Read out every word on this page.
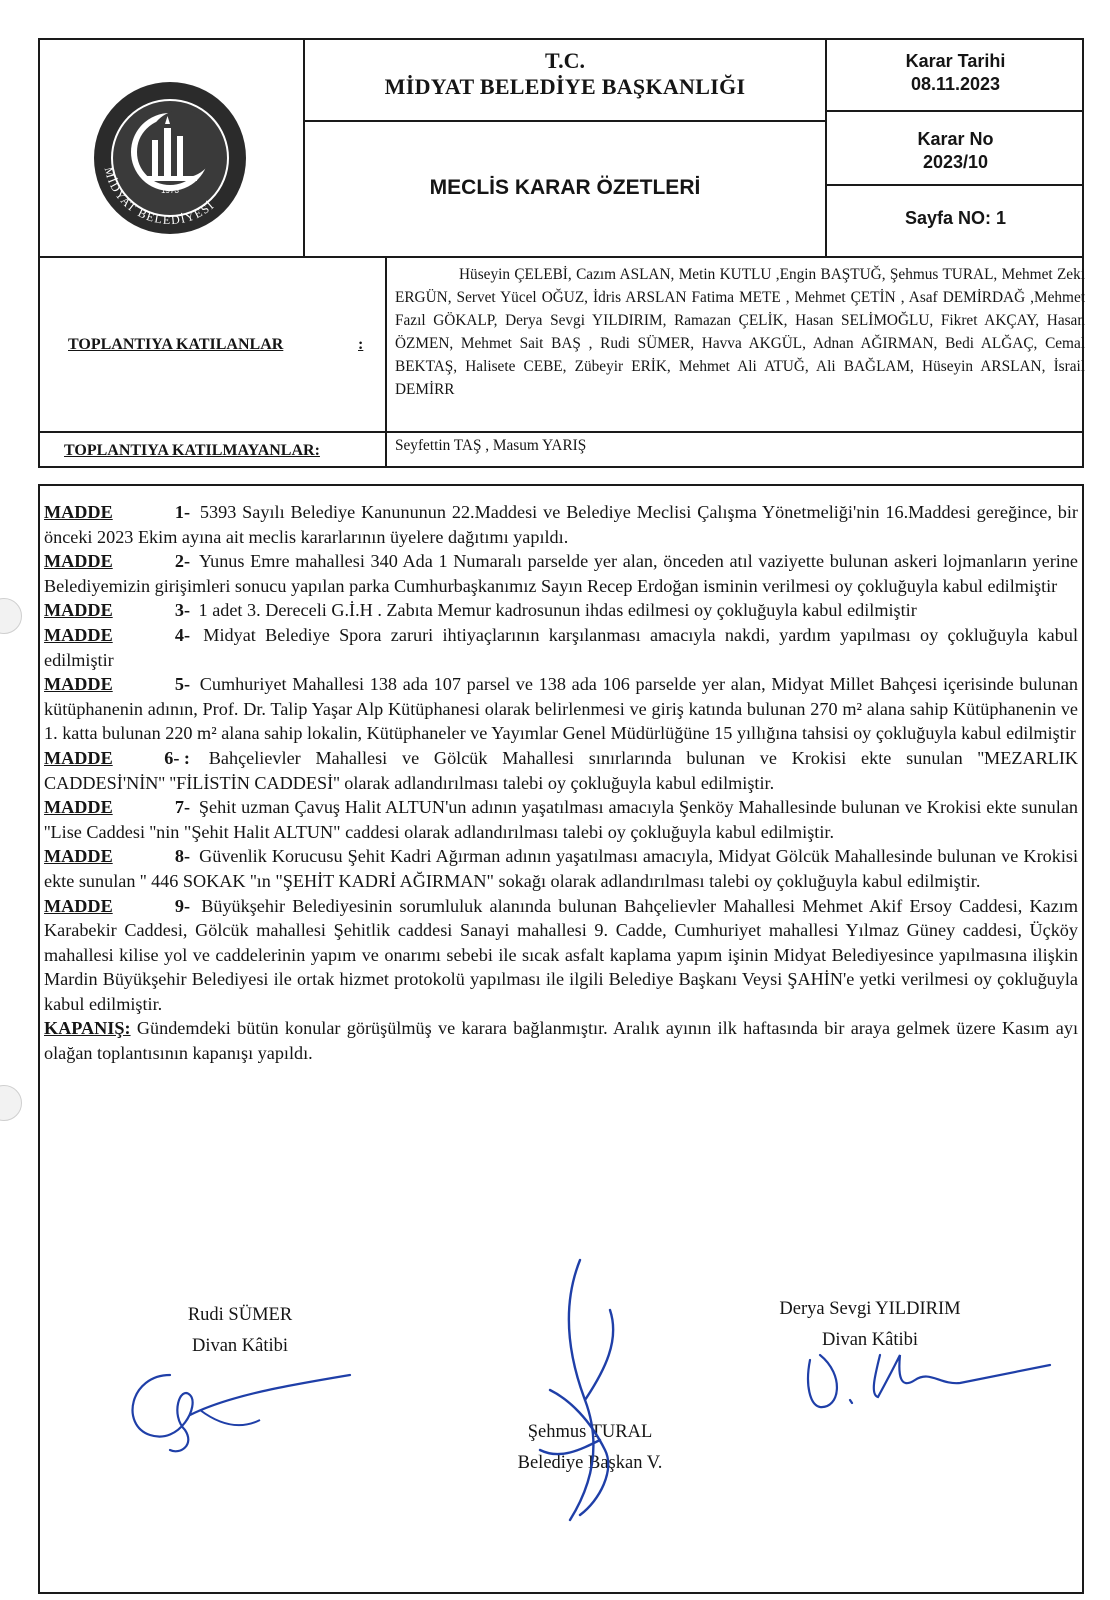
MİDYAT BELEDİYESİ
1973
T.C.
MİDYAT BELEDİYE BAŞKANLIĞI
MECLİS KARAR ÖZETLERİ
Karar Tarihi
08.11.2023
Karar No
2023/10
Sayfa NO: 1
TOPLANTIYA KATILANLAR	:
Hüseyin ÇELEBİ, Cazım ASLAN, Metin KUTLU ,Engin BAŞTUĞ, Şehmus TURAL, Mehmet Zeki ERGÜN, Servet Yücel OĞUZ, İdris ARSLAN Fatima METE , Mehmet ÇETİN , Asaf DEMİRDAĞ ,Mehmet Fazıl GÖKALP, Derya Sevgi YILDIRIM, Ramazan ÇELİK, Hasan SELİMOĞLU, Fikret AKÇAY, Hasan ÖZMEN, Mehmet Sait BAŞ , Rudi SÜMER, Havva AKGÜL, Adnan AĞIRMAN, Bedi ALĞAÇ, Cemal BEKTAŞ, Halisete CEBE, Zübeyir ERİK, Mehmet Ali ATUĞ, Ali BAĞLAM, Hüseyin ARSLAN, İsrail DEMİRR
TOPLANTIYA KATILMAYANLAR:	Seyfettin TAŞ , Masum YARIŞ

MADDE	1- 5393 Sayılı Belediye Kanununun 22.Maddesi ve Belediye Meclisi Çalışma Yönetmeliği'nin 16.Maddesi gereğince, bir önceki 2023 Ekim ayına ait meclis kararlarının üyelere dağıtımı yapıldı.

MADDE	2- Yunus Emre mahallesi 340 Ada 1 Numaralı parselde yer alan, önceden atıl vaziyette bulunan askeri lojmanların yerine Belediyemizin girişimleri sonucu yapılan parka Cumhurbaşkanımız Sayın Recep Erdoğan isminin verilmesi oy çokluğuyla kabul edilmiştir

MADDE	3- 1 adet 3. Dereceli G.İ.H . Zabıta Memur kadrosunun ihdas edilmesi oy çokluğuyla kabul edilmiştir

MADDE	4- Midyat Belediye Spora zaruri ihtiyaçlarının karşılanması amacıyla nakdi, yardım yapılması oy çokluğuyla kabul edilmiştir

MADDE	5- Cumhuriyet Mahallesi 138 ada 107 parsel ve 138 ada 106 parselde yer alan, Midyat Millet Bahçesi içerisinde bulunan kütüphanenin adının, Prof. Dr. Talip Yaşar Alp Kütüphanesi olarak belirlenmesi ve giriş katında bulunan 270 m² alana sahip Kütüphanenin ve 1. katta bulunan 220 m² alana sahip lokalin, Kütüphaneler ve Yayımlar Genel Müdürlüğüne 15 yıllığına tahsisi oy çokluğuyla kabul edilmiştir

MADDE	6- : Bahçelievler Mahallesi ve Gölcük Mahallesi sınırlarında bulunan ve Krokisi ekte sunulan ''MEZARLIK CADDESİ'NİN'' ''FİLİSTİN CADDESİ'' olarak adlandırılması talebi oy çokluğuyla kabul edilmiştir.

MADDE	7- Şehit uzman Çavuş Halit ALTUN'un adının yaşatılması amacıyla Şenköy Mahallesinde bulunan ve Krokisi ekte sunulan ''Lise Caddesi ''nin "Şehit Halit ALTUN" caddesi olarak adlandırılması talebi oy çokluğuyla kabul edilmiştir.

MADDE	8- Güvenlik Korucusu Şehit Kadri Ağırman adının yaşatılması amacıyla, Midyat Gölcük Mahallesinde bulunan ve Krokisi ekte sunulan '' 446 SOKAK ''ın "ŞEHİT KADRİ AĞIRMAN" sokağı olarak adlandırılması talebi oy çokluğuyla kabul edilmiştir.

MADDE	9- Büyükşehir Belediyesinin sorumluluk alanında bulunan Bahçelievler Mahallesi Mehmet Akif Ersoy Caddesi, Kazım Karabekir Caddesi, Gölcük mahallesi Şehitlik caddesi Sanayi mahallesi 9. Cadde, Cumhuriyet mahallesi Yılmaz Güney caddesi, Üçköy mahallesi kilise yol ve caddelerinin yapım ve onarımı sebebi ile sıcak asfalt kaplama yapım işinin Midyat Belediyesince yapılmasına ilişkin Mardin Büyükşehir Belediyesi ile ortak hizmet protokolü yapılması ile ilgili Belediye Başkanı Veysi ŞAHİN'e yetki verilmesi oy çokluğuyla kabul edilmiştir.

KAPANIŞ: Gündemdeki bütün konular görüşülmüş ve karara bağlanmıştır. Aralık ayının ilk haftasında bir araya gelmek üzere Kasım ayı olağan toplantısının kapanışı yapıldı.

Rudi SÜMER
Divan Kâtibi
Şehmus TURAL
Belediye Başkan V.
Derya Sevgi YILDIRIM
Divan Kâtibi
